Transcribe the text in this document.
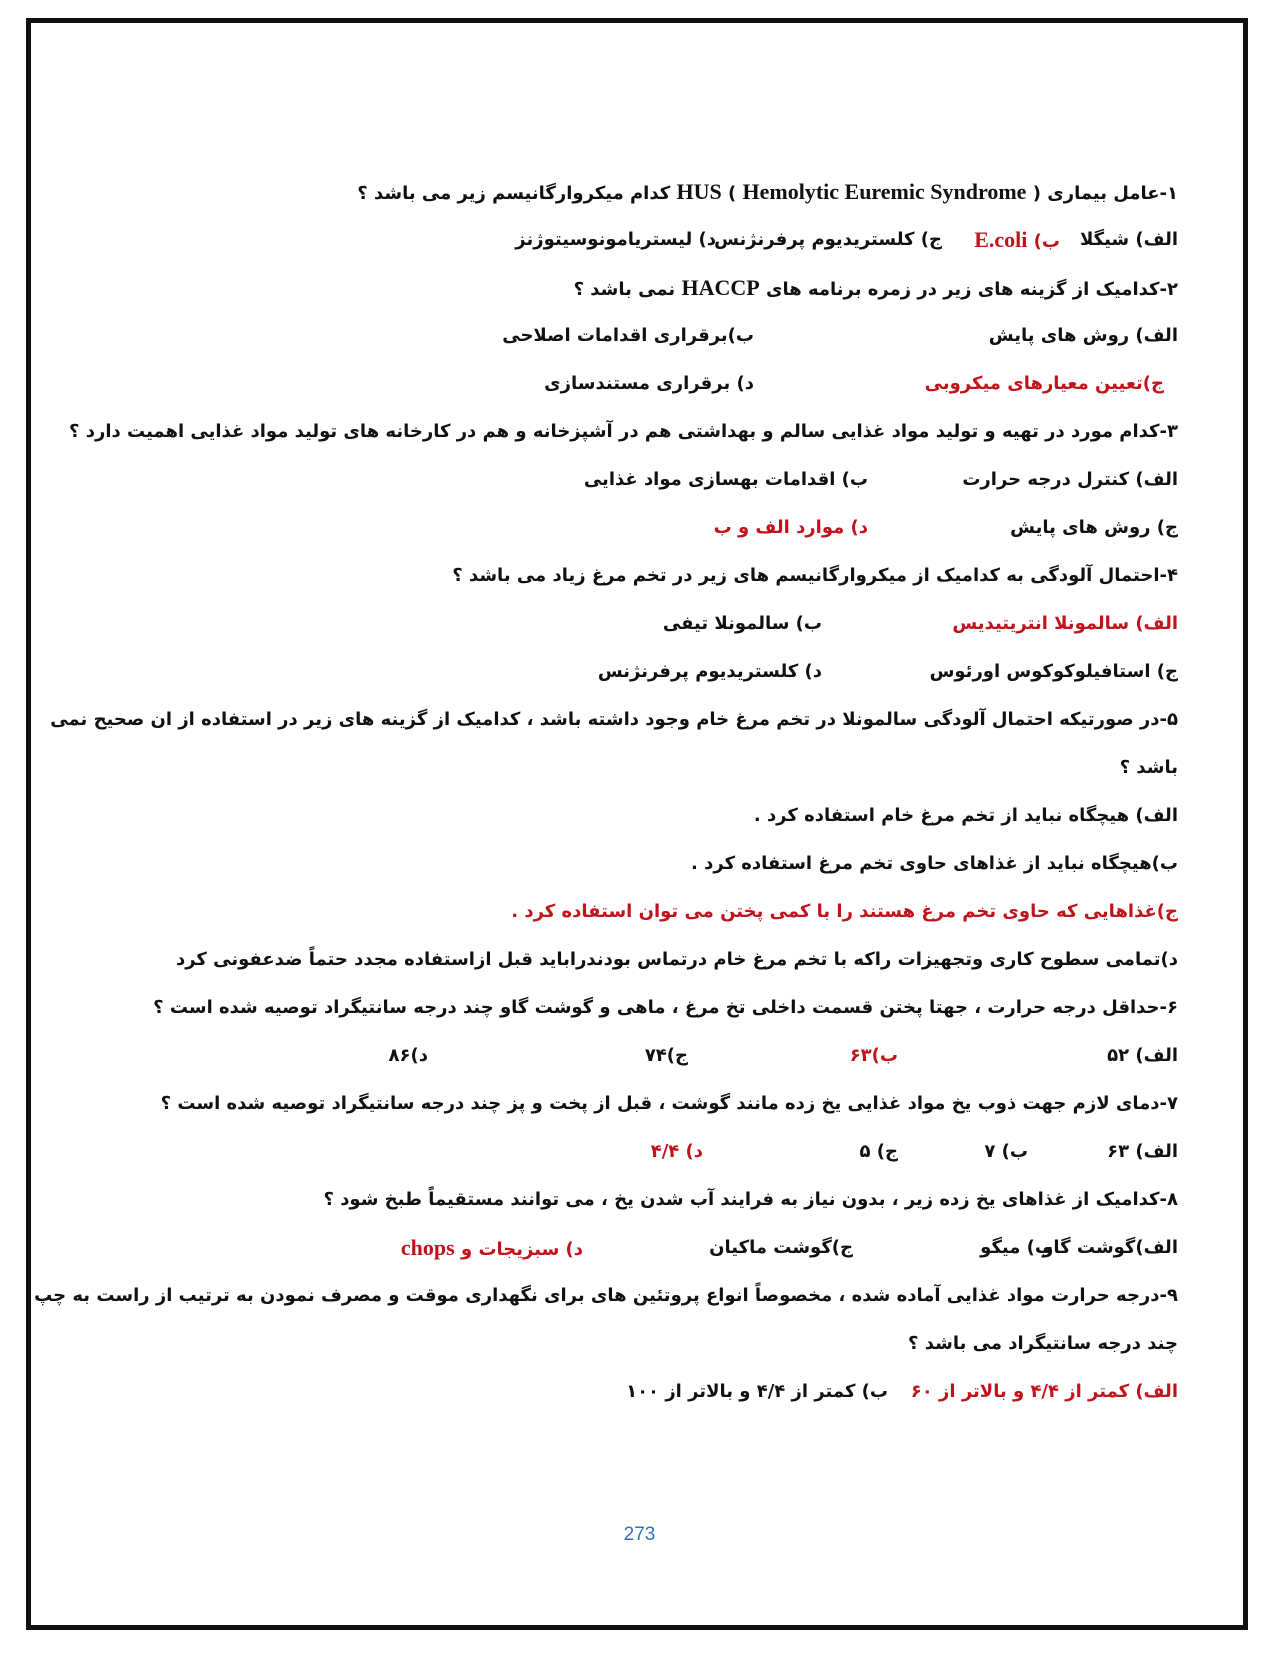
۱-عامل بیماری HUS ( Hemolytic Euremic Syndrome ) کدام میکروارگانیسم زیر می باشد ؟
الف) شیگلا
ب) E.coli
ج) کلستریدیوم پرفرنژنس
د) لیستریامونوسیتوژنز
۲-کدامیک از گزینه های زیر در زمره برنامه های HACCP نمی باشد ؟
الف) روش های پایش
ب)برقراری اقدامات اصلاحی
ج)تعیین معیارهای میکروبی
د) برقراری مستندسازی
۳-کدام مورد در تهیه و تولید مواد غذایی سالم و بهداشتی هم در آشپزخانه و هم در کارخانه های تولید مواد غذایی اهمیت دارد ؟
الف) کنترل درجه حرارت
ب) اقدامات بهسازی مواد غذایی
ج) روش های پایش
د) موارد الف و ب
۴-احتمال آلودگی به کدامیک از میکروارگانیسم های زیر در تخم مرغ زیاد می باشد ؟
الف) سالمونلا انتریتیدیس
ب) سالمونلا تیفی
ج) استافیلوکوکوس اورئوس
د) کلستریدیوم پرفرنژنس
۵-در صورتیکه احتمال آلودگی سالمونلا در تخم مرغ خام وجود داشته باشد ، کدامیک از گزینه های زیر در استفاده از ان صحیح نمی
باشد ؟
الف) هیچگاه نباید از تخم مرغ خام استفاده کرد .
ب)هیچگاه نباید از غذاهای حاوی تخم مرغ استفاده کرد .
ج)غذاهایی که حاوی تخم مرغ هستند را با کمی پختن می توان استفاده کرد .
د)تمامی سطوح کاری وتجهیزات راکه با تخم مرغ خام درتماس بودندرابايد قبل ازاستفاده مجدد حتماً ضدعفونی کرد
۶-حداقل درجه حرارت ، جهتا پختن قسمت داخلی تخ مرغ ، ماهی و گوشت گاو چند درجه سانتیگراد توصیه شده است ؟
الف) ۵۲
ب)۶۳
ج)۷۴
د)۸۶
۷-دمای لازم جهت ذوب یخ مواد غذایی یخ زده مانند گوشت ، قبل از پخت و پز چند درجه سانتیگراد توصیه شده است ؟
الف) ۶۳
ب) ۷
ج) ۵
د) ۴/۴
۸-کدامیک از غذاهای یخ زده زیر ، بدون نیاز به فرایند آب شدن یخ ، می توانند مستقیماً طبخ شود ؟
الف)گوشت گاو
ب) میگو
ج)گوشت ماکیان
د) سبزیجات و chops
۹-درجه حرارت مواد غذایی آماده شده ، مخصوصاً انواع پروتئین های برای نگهداری موقت و مصرف نمودن به ترتیب از راست به چپ
چند درجه سانتیگراد می باشد ؟
الف) کمتر از ۴/۴ و بالاتر از ۶۰
ب) کمتر از ۴/۴ و بالاتر از ۱۰۰
273
